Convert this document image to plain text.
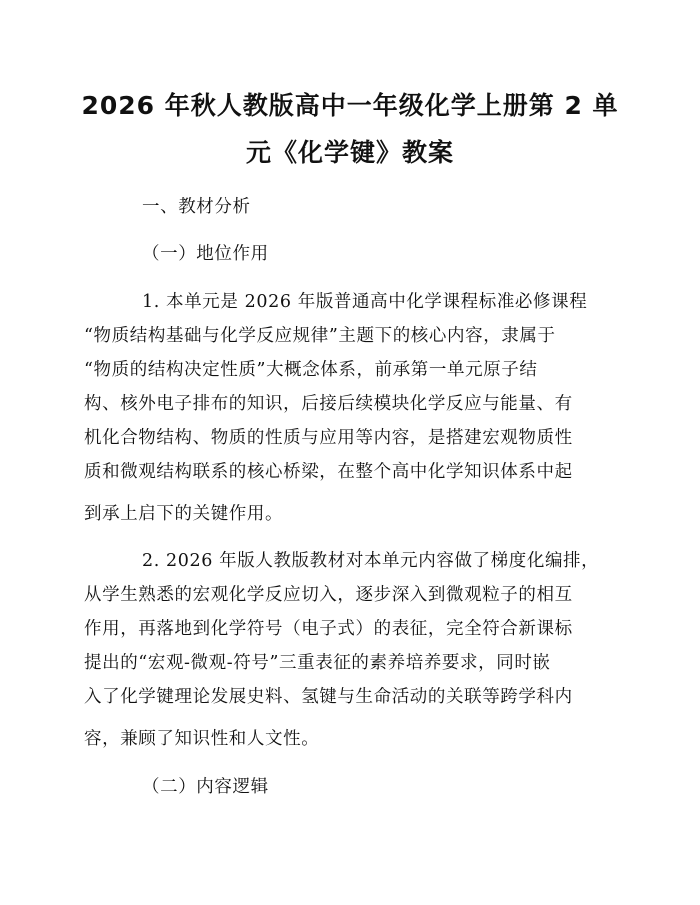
2026 年秋人教版高中一年级化学上册第 2 单
元《化学键》教案
一、教材分析
（一）地位作用
1. 本单元是 2026 年版普通高中化学课程标准必修课程
“物质结构基础与化学反应规律”主题下的核心内容，隶属于
“物质的结构决定性质”大概念体系，前承第一单元原子结
构、核外电子排布的知识，后接后续模块化学反应与能量、有
机化合物结构、物质的性质与应用等内容，是搭建宏观物质性
质和微观结构联系的核心桥梁，在整个高中化学知识体系中起
到承上启下的关键作用。
2. 2026 年版人教版教材对本单元内容做了梯度化编排，
从学生熟悉的宏观化学反应切入，逐步深入到微观粒子的相互
作用，再落地到化学符号（电子式）的表征，完全符合新课标
提出的“宏观-微观-符号”三重表征的素养培养要求，同时嵌
入了化学键理论发展史料、氢键与生命活动的关联等跨学科内
容，兼顾了知识性和人文性。
（二）内容逻辑
